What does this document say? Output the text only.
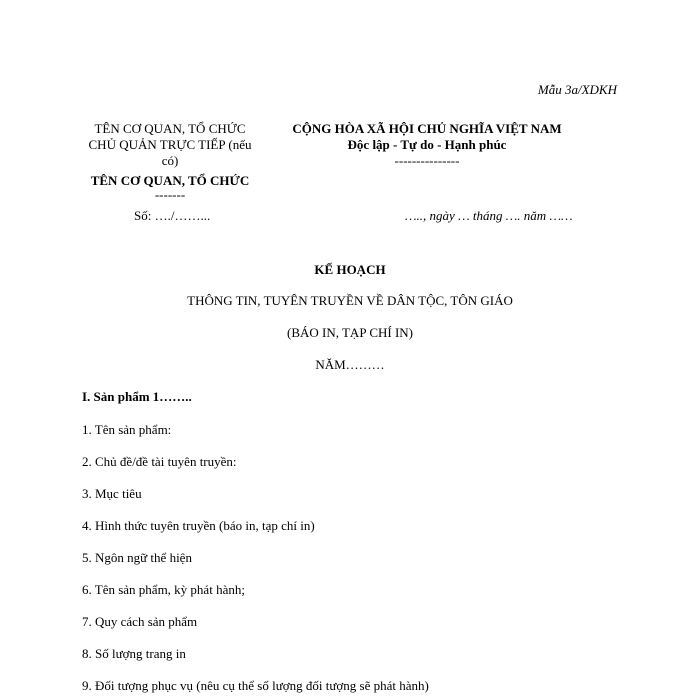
Mẫu 3a/XDKH
TÊN CƠ QUAN, TỔ CHỨC
CHỦ QUẢN TRỰC TIẾP (nếu
có)
TÊN CƠ QUAN, TỔ CHỨC
-------
CỘNG HÒA XÃ HỘI CHỦ NGHĨA VIỆT NAM
Độc lập - Tự do - Hạnh phúc
---------------
Số: …./……...	….., ngày … tháng …. năm ……
KẾ HOẠCH
THÔNG TIN, TUYÊN TRUYỀN VỀ DÂN TỘC, TÔN GIÁO
(BÁO IN, TẠP CHÍ IN)
NĂM………
I. Sản phẩm 1……..
1. Tên sản phẩm:
2. Chủ đề/đề tài tuyên truyền:
3. Mục tiêu
4. Hình thức tuyên truyền (báo in, tạp chí in)
5. Ngôn ngữ thể hiện
6. Tên sản phẩm, kỳ phát hành;
7. Quy cách sản phẩm
8. Số lượng trang in
9. Đối tượng phục vụ (nêu cụ thể số lượng đối tượng sẽ phát hành)
